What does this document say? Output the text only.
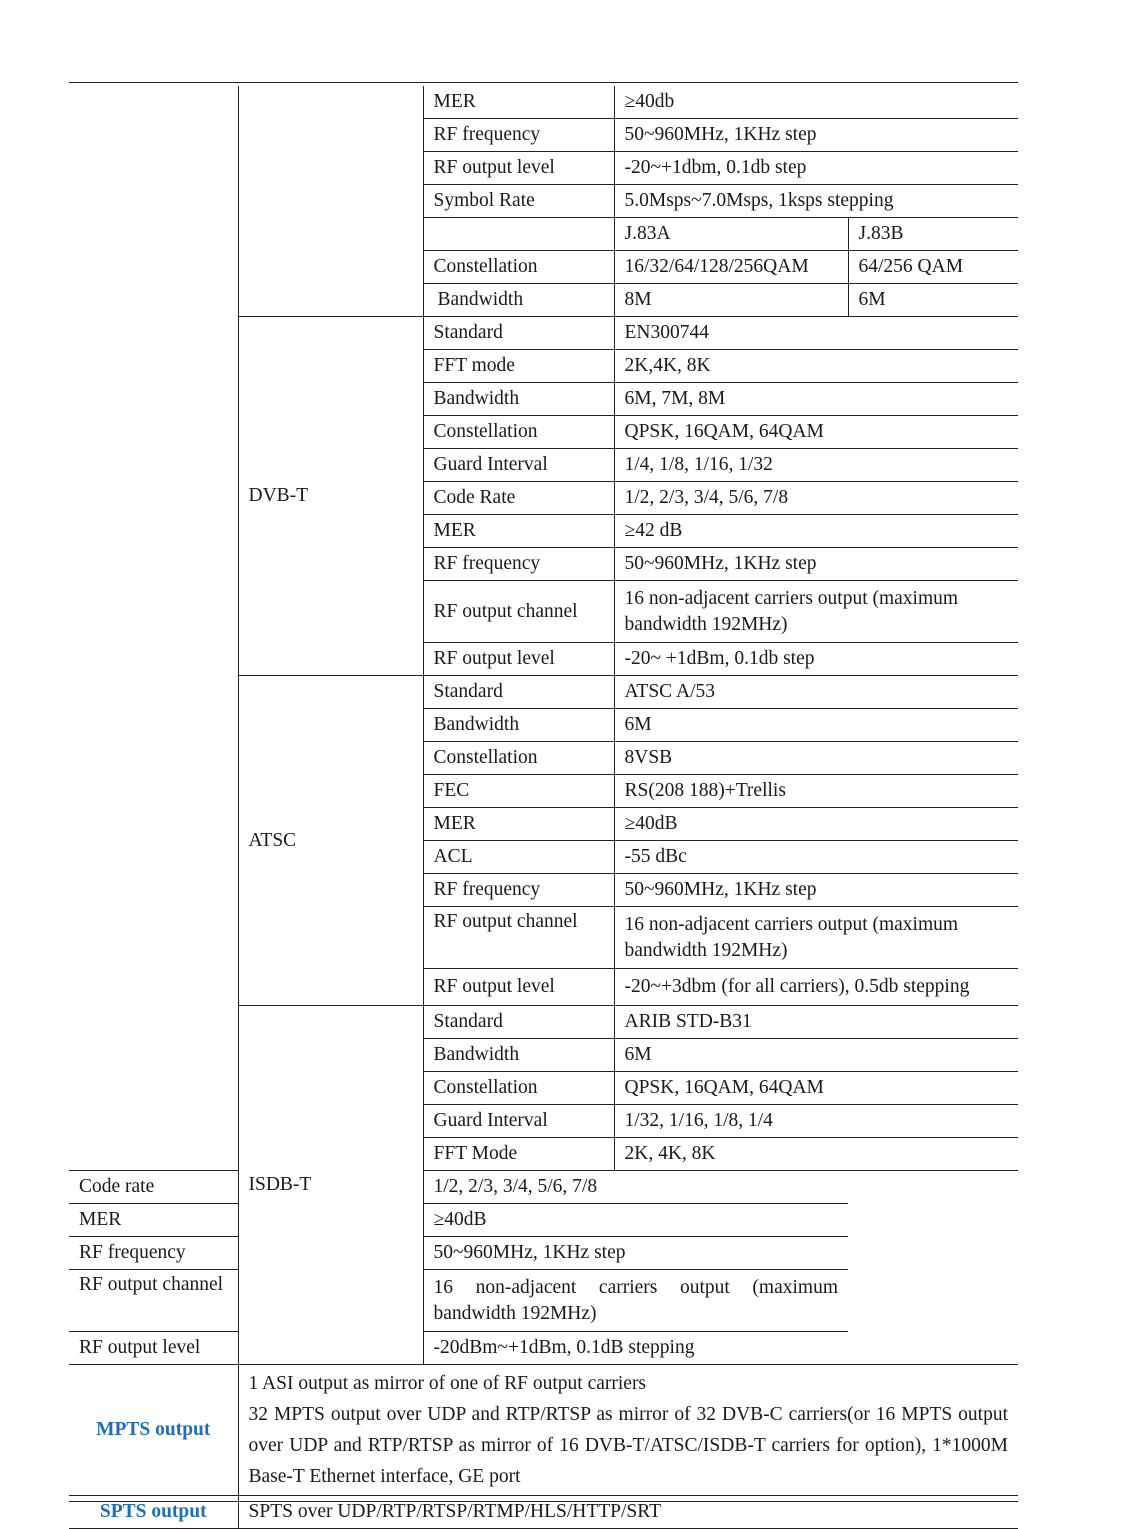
		MER	≥40db	
		RF frequency	50~960MHz, 1KHz step	
		RF output level	-20~+1dbm, 0.1db step	
		Symbol Rate	5.0Msps~7.0Msps, 1ksps stepping	
			J.83A	J.83B
		Constellation	16/32/64/128/256QAM	64/256 QAM
		Bandwidth	8M	6M
	DVB-T	Standard	EN300744	
		FFT mode	2K,4K, 8K	
		Bandwidth	6M, 7M, 8M	
		Constellation	QPSK, 16QAM, 64QAM	
		Guard Interval	1/4, 1/8, 1/16, 1/32	
		Code Rate	1/2, 2/3, 3/4, 5/6, 7/8	
		MER	≥42 dB	
		RF frequency	50~960MHz, 1KHz step	
		RF output channel	16 non-adjacent carriers output (maximum bandwidth 192MHz)	
		RF output level	-20~ +1dBm, 0.1db step	
	ATSC	Standard	ATSC A/53	
		Bandwidth	6M	
		Constellation	8VSB	
		FEC	RS(208 188)+Trellis	
		MER	≥40dB	
		ACL	-55 dBc	
		RF frequency	50~960MHz, 1KHz step	
		RF output channel	16 non-adjacent carriers output (maximum bandwidth 192MHz)	
		RF output level	-20~+3dbm (for all carriers), 0.5db stepping	
	ISDB-T	Standard	ARIB STD-B31	
		Bandwidth	6M	
		Constellation	QPSK, 16QAM, 64QAM	
		Guard Interval	1/32, 1/16, 1/8, 1/4	
		FFT Mode	2K, 4K, 8K	
Code rate		1/2, 2/3, 3/4, 5/6, 7/8		
MER		≥40dB		
RF frequency		50~960MHz, 1KHz step		
RF output channel		16 non-adjacent carriers output (maximum bandwidth 192MHz)		
RF output level		-20dBm~+1dBm, 0.1dB stepping		
MPTS output	1 ASI output as mirror of one of RF output carriers
32 MPTS output over UDP and RTP/RTSP as mirror of 32 DVB-C carriers(or 16 MPTS output over UDP and RTP/RTSP as mirror of 16 DVB-T/ATSC/ISDB-T carriers for option), 1*1000M Base-T Ethernet interface, GE port			

SPTS output	SPTS over UDP/RTP/RTSP/RTMP/HLS/HTTP/SRT			
